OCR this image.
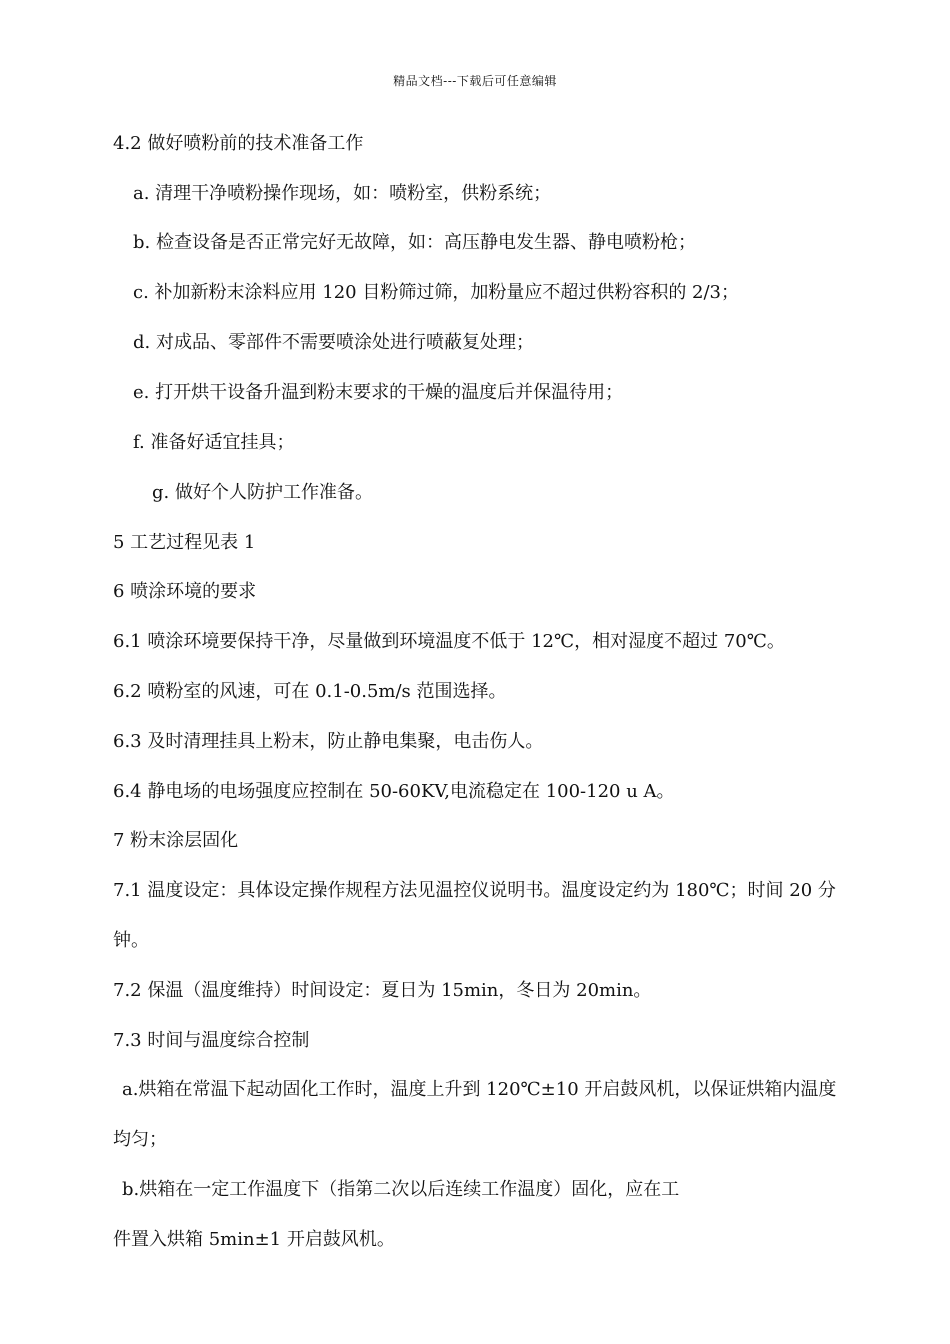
精品文档---下载后可任意编辑
4.2 做好喷粉前的技术准备工作
a. 清理干净喷粉操作现场，如：喷粉室，供粉系统；
b. 检查设备是否正常完好无故障，如：高压静电发生器、静电喷粉枪；
c. 补加新粉末涂料应用 120 目粉筛过筛，加粉量应不超过供粉容积的 2/3；
d. 对成品、零部件不需要喷涂处进行喷蔽复处理；
e. 打开烘干设备升温到粉末要求的干燥的温度后并保温待用；
f. 准备好适宜挂具；
g. 做好个人防护工作准备。
5 工艺过程见表 1
6 喷涂环境的要求
6.1 喷涂环境要保持干净，尽量做到环境温度不低于 12℃，相对湿度不超过 70℃。
6.2 喷粉室的风速，可在 0.1-0.5m/s 范围选择。
6.3 及时清理挂具上粉末，防止静电集聚，电击伤人。
6.4 静电场的电场强度应控制在 50-60KV,电流稳定在 100-120 u A。
7 粉末涂层固化
7.1 温度设定：具体设定操作规程方法见温控仪说明书。温度设定约为 180℃；时间 20 分
钟。
7.2 保温（温度维持）时间设定：夏日为 15min，冬日为 20min。
7.3 时间与温度综合控制
a.烘箱在常温下起动固化工作时，温度上升到 120℃±10 开启鼓风机，以保证烘箱内温度
均匀；
b.烘箱在一定工作温度下（指第二次以后连续工作温度）固化，应在工
件置入烘箱 5min±1 开启鼓风机。
